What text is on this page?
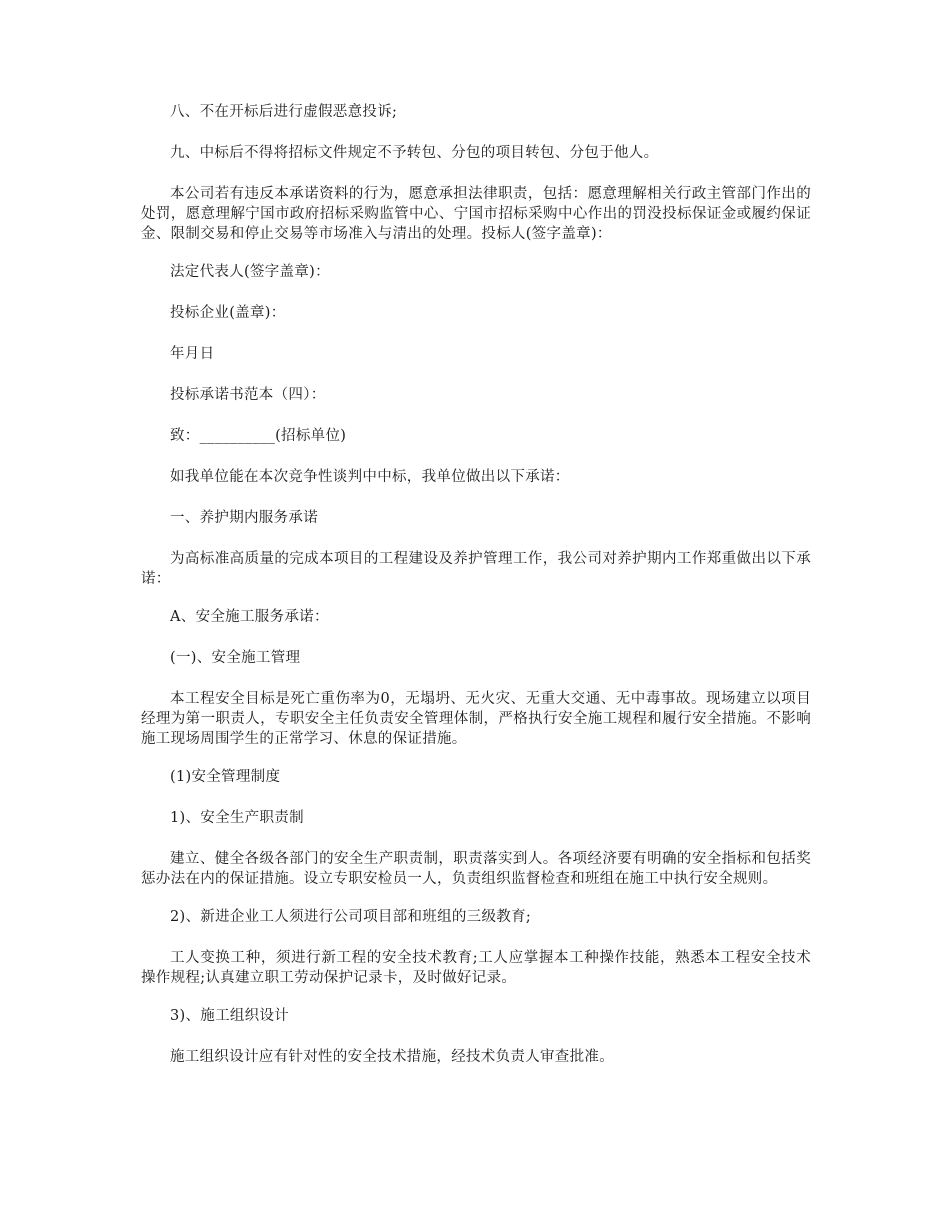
八、不在开标后进行虚假恶意投诉;

九、中标后不得将招标文件规定不予转包、分包的项目转包、分包于他人。

本公司若有违反本承诺资料的行为，愿意承担法律职责，包括：愿意理解相关行政主管部门作出的处罚，愿意理解宁国市政府招标采购监管中心、宁国市招标采购中心作出的罚没投标保证金或履约保证金、限制交易和停止交易等市场准入与清出的处理。投标人(签字盖章)：

法定代表人(签字盖章)：

投标企业(盖章)：

年月日

投标承诺书范本（四）：

致：__________(招标单位)

如我单位能在本次竞争性谈判中中标，我单位做出以下承诺：

一、养护期内服务承诺

为高标准高质量的完成本项目的工程建设及养护管理工作，我公司对养护期内工作郑重做出以下承诺：

A、安全施工服务承诺：

(一)、安全施工管理

本工程安全目标是死亡重伤率为0，无塌坍、无火灾、无重大交通、无中毒事故。现场建立以项目经理为第一职责人，专职安全主任负责安全管理体制，严格执行安全施工规程和履行安全措施。不影响施工现场周围学生的正常学习、休息的保证措施。

(1)安全管理制度

1)、安全生产职责制

建立、健全各级各部门的安全生产职责制，职责落实到人。各项经济要有明确的安全指标和包括奖惩办法在内的保证措施。设立专职安检员一人，负责组织监督检查和班组在施工中执行安全规则。

2)、新进企业工人须进行公司项目部和班组的三级教育;

工人变换工种，须进行新工程的安全技术教育;工人应掌握本工种操作技能，熟悉本工程安全技术操作规程;认真建立职工劳动保护记录卡，及时做好记录。

3)、施工组织设计

施工组织设计应有针对性的安全技术措施，经技术负责人审查批准。
